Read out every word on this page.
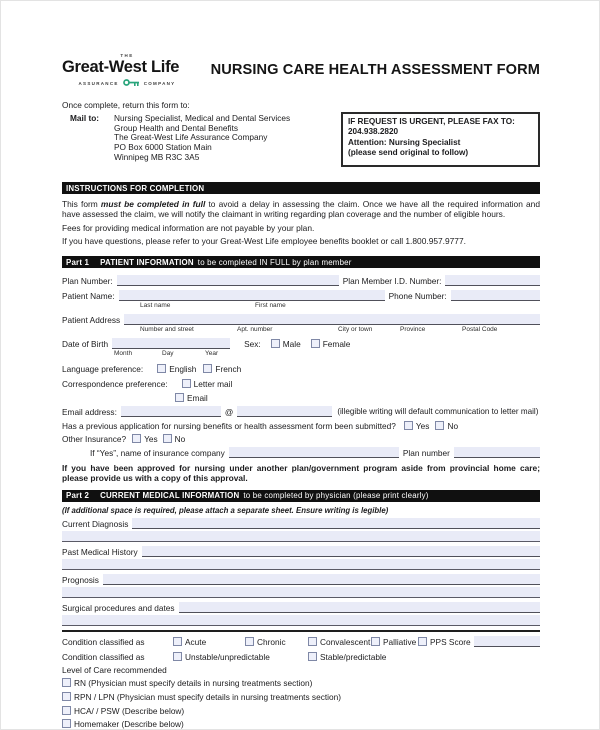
THE
Great-West Life
ASSURANCE	COMPANY
NURSING CARE HEALTH ASSESSMENT FORM
Once complete, return this form to:
Mail to:	Nursing Specialist, Medical and Dental Services
Group Health and Dental Benefits
The Great-West Life Assurance Company
PO Box 6000 Station Main
Winnipeg MB R3C 3A5
IF REQUEST IS URGENT, PLEASE FAX TO:
204.938.2820
Attention: Nursing Specialist
(please send original to follow)
INSTRUCTIONS FOR COMPLETION
This form must be completed in full to avoid a delay in assessing the claim. Once we have all the required information and have assessed the claim, we will notify the claimant in writing regarding plan coverage and the number of eligible hours.
Fees for providing medical information are not payable by your plan.
If you have questions, please refer to your Great-West Life employee benefits booklet or call 1.800.957.9777.
Part 1 PATIENT INFORMATION to be completed IN FULL by plan member
Plan Number:	Plan Member I.D. Number:
Patient Name:	Phone Number:
Last name	First name
Patient Address
Number and street	Apt. number	City or town	Province	Postal Code
Date of Birth	Sex:	Male	Female
Month	Day	Year
Language preference:	English	French
Correspondence preference:	Letter mail
Email
Email address:	@	(illegible writing will default communication to letter mail)
Has a previous application for nursing benefits or health assessment form been submitted?	Yes	No
Other Insurance?	Yes	No
If “Yes”, name of insurance company	Plan number
If you have been approved for nursing under another plan/government program aside from provincial home care; please provide us with a copy of this approval.
Part 2 CURRENT MEDICAL INFORMATION to be completed by physician (please print clearly)
(If additional space is required, please attach a separate sheet. Ensure writing is legible)
Current Diagnosis
Past Medical History
Prognosis
Surgical procedures and dates
Condition classified as	Acute	Chronic	Convalescent	Palliative	PPS Score
Condition classified as	Unstable/unpredictable	Stable/predictable
Level of Care recommended
RN (Physician must specify details in nursing treatments section)
RPN / LPN (Physician must specify details in nursing treatments section)
HCA/ / PSW (Describe below)
Homemaker (Describe below)
